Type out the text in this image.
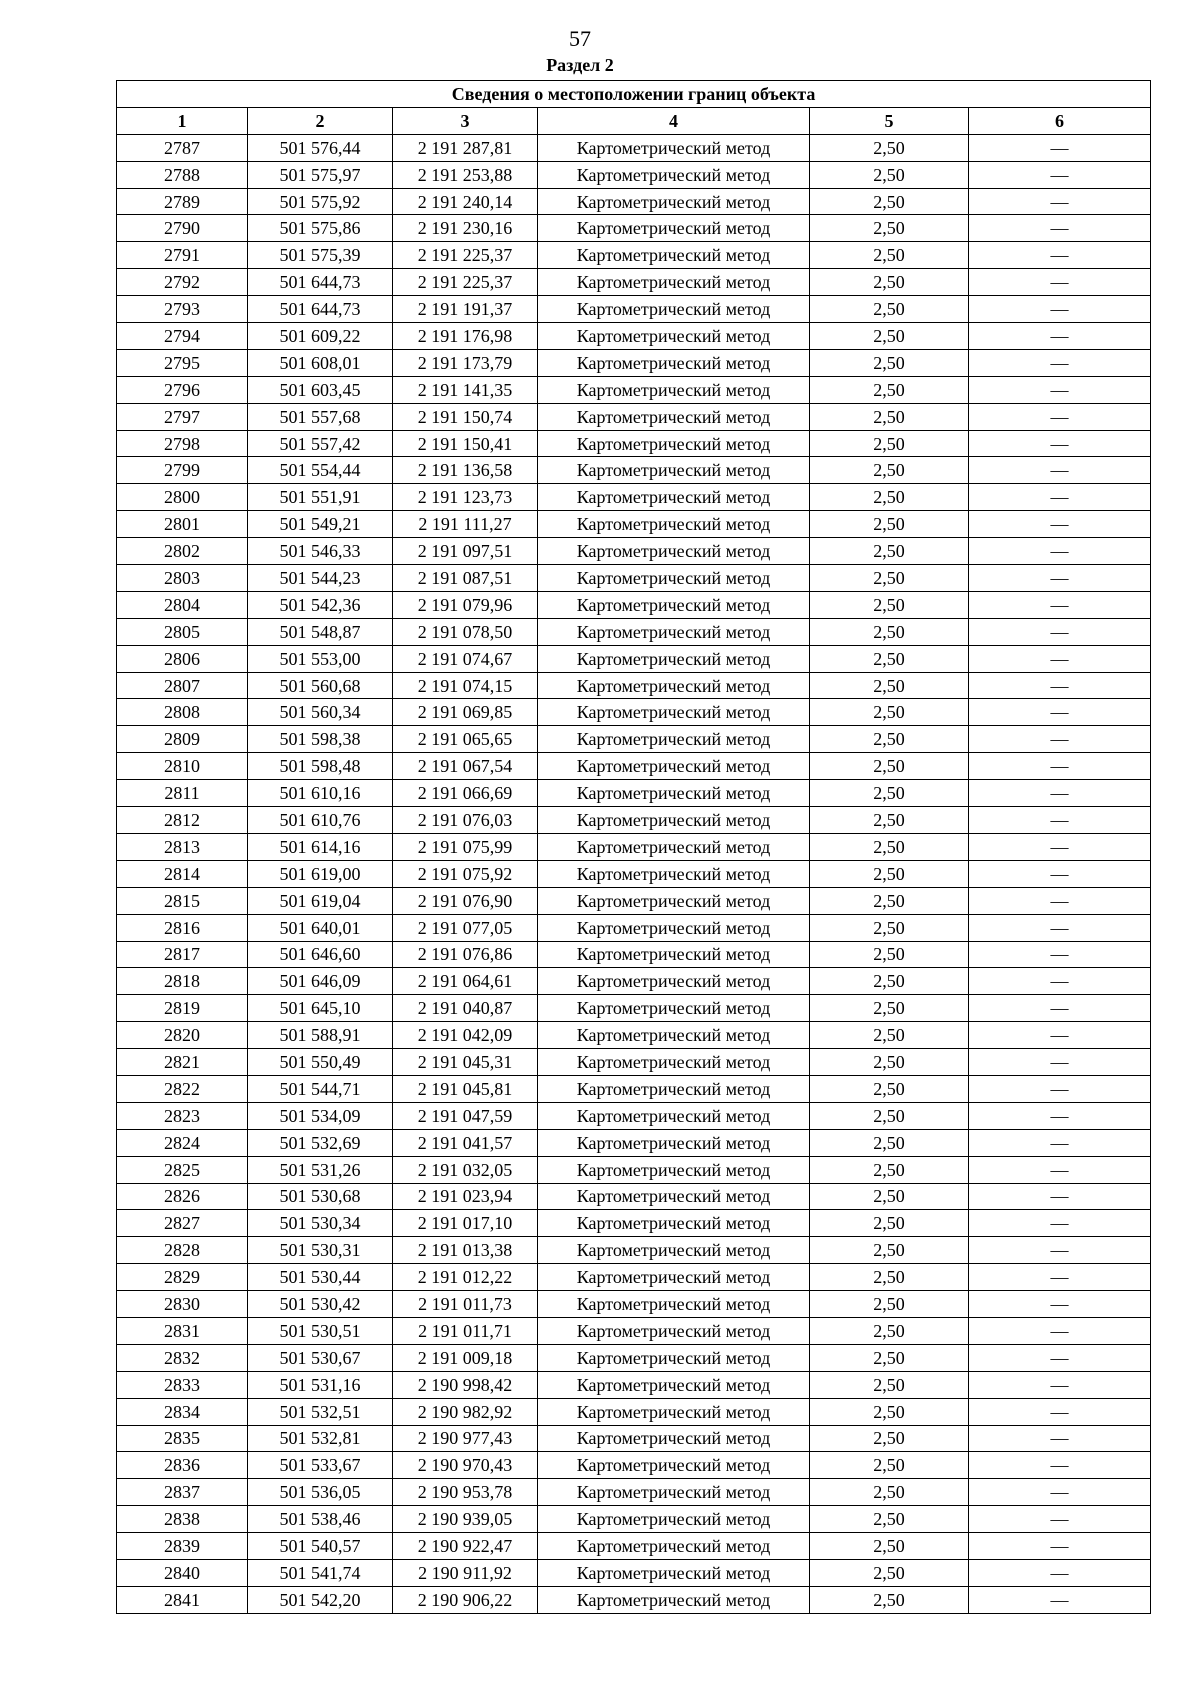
57
Раздел 2
Сведения о местоположении границ объекта					
1	2	3	4	5	6
2787	501 576,44	2 191 287,81	Картометрический метод	2,50	—
2788	501 575,97	2 191 253,88	Картометрический метод	2,50	—
2789	501 575,92	2 191 240,14	Картометрический метод	2,50	—
2790	501 575,86	2 191 230,16	Картометрический метод	2,50	—
2791	501 575,39	2 191 225,37	Картометрический метод	2,50	—
2792	501 644,73	2 191 225,37	Картометрический метод	2,50	—
2793	501 644,73	2 191 191,37	Картометрический метод	2,50	—
2794	501 609,22	2 191 176,98	Картометрический метод	2,50	—
2795	501 608,01	2 191 173,79	Картометрический метод	2,50	—
2796	501 603,45	2 191 141,35	Картометрический метод	2,50	—
2797	501 557,68	2 191 150,74	Картометрический метод	2,50	—
2798	501 557,42	2 191 150,41	Картометрический метод	2,50	—
2799	501 554,44	2 191 136,58	Картометрический метод	2,50	—
2800	501 551,91	2 191 123,73	Картометрический метод	2,50	—
2801	501 549,21	2 191 111,27	Картометрический метод	2,50	—
2802	501 546,33	2 191 097,51	Картометрический метод	2,50	—
2803	501 544,23	2 191 087,51	Картометрический метод	2,50	—
2804	501 542,36	2 191 079,96	Картометрический метод	2,50	—
2805	501 548,87	2 191 078,50	Картометрический метод	2,50	—
2806	501 553,00	2 191 074,67	Картометрический метод	2,50	—
2807	501 560,68	2 191 074,15	Картометрический метод	2,50	—
2808	501 560,34	2 191 069,85	Картометрический метод	2,50	—
2809	501 598,38	2 191 065,65	Картометрический метод	2,50	—
2810	501 598,48	2 191 067,54	Картометрический метод	2,50	—
2811	501 610,16	2 191 066,69	Картометрический метод	2,50	—
2812	501 610,76	2 191 076,03	Картометрический метод	2,50	—
2813	501 614,16	2 191 075,99	Картометрический метод	2,50	—
2814	501 619,00	2 191 075,92	Картометрический метод	2,50	—
2815	501 619,04	2 191 076,90	Картометрический метод	2,50	—
2816	501 640,01	2 191 077,05	Картометрический метод	2,50	—
2817	501 646,60	2 191 076,86	Картометрический метод	2,50	—
2818	501 646,09	2 191 064,61	Картометрический метод	2,50	—
2819	501 645,10	2 191 040,87	Картометрический метод	2,50	—
2820	501 588,91	2 191 042,09	Картометрический метод	2,50	—
2821	501 550,49	2 191 045,31	Картометрический метод	2,50	—
2822	501 544,71	2 191 045,81	Картометрический метод	2,50	—
2823	501 534,09	2 191 047,59	Картометрический метод	2,50	—
2824	501 532,69	2 191 041,57	Картометрический метод	2,50	—
2825	501 531,26	2 191 032,05	Картометрический метод	2,50	—
2826	501 530,68	2 191 023,94	Картометрический метод	2,50	—
2827	501 530,34	2 191 017,10	Картометрический метод	2,50	—
2828	501 530,31	2 191 013,38	Картометрический метод	2,50	—
2829	501 530,44	2 191 012,22	Картометрический метод	2,50	—
2830	501 530,42	2 191 011,73	Картометрический метод	2,50	—
2831	501 530,51	2 191 011,71	Картометрический метод	2,50	—
2832	501 530,67	2 191 009,18	Картометрический метод	2,50	—
2833	501 531,16	2 190 998,42	Картометрический метод	2,50	—
2834	501 532,51	2 190 982,92	Картометрический метод	2,50	—
2835	501 532,81	2 190 977,43	Картометрический метод	2,50	—
2836	501 533,67	2 190 970,43	Картометрический метод	2,50	—
2837	501 536,05	2 190 953,78	Картометрический метод	2,50	—
2838	501 538,46	2 190 939,05	Картометрический метод	2,50	—
2839	501 540,57	2 190 922,47	Картометрический метод	2,50	—
2840	501 541,74	2 190 911,92	Картометрический метод	2,50	—
2841	501 542,20	2 190 906,22	Картометрический метод	2,50	—
